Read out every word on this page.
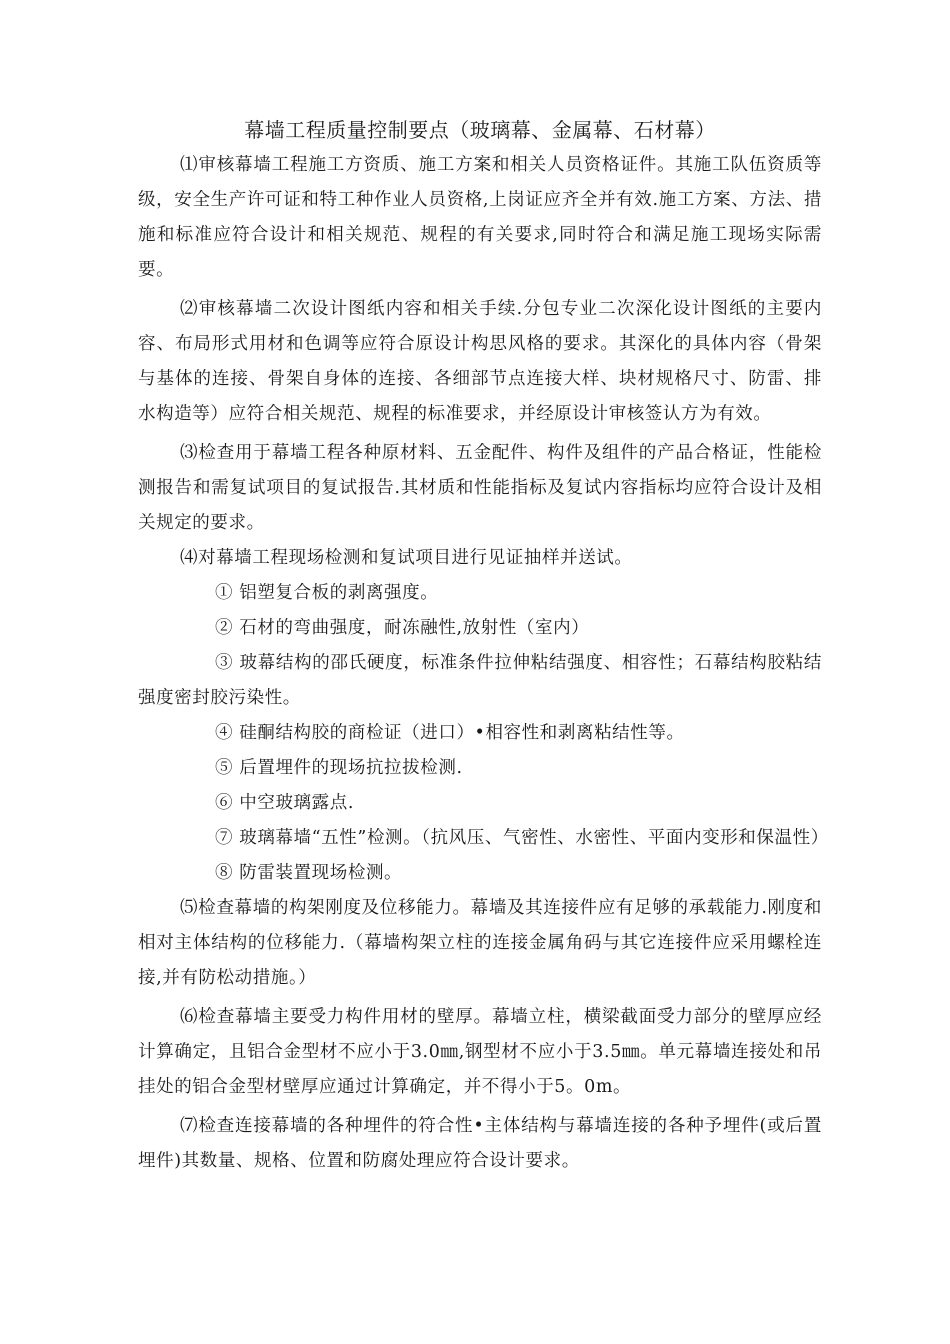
幕墙工程质量控制要点（玻璃幕、金属幕、石材幕）

⑴审核幕墙工程施工方资质、施工方案和相关人员资格证件。其施工队伍资质等级，安全生产许可证和特工种作业人员资格,上岗证应齐全并有效.施工方案、方法、措施和标准应符合设计和相关规范、规程的有关要求,同时符合和满足施工现场实际需要。

⑵审核幕墙二次设计图纸内容和相关手续.分包专业二次深化设计图纸的主要内容、布局形式用材和色调等应符合原设计构思风格的要求。其深化的具体内容（骨架与基体的连接、骨架自身体的连接、各细部节点连接大样、块材规格尺寸、防雷、排水构造等）应符合相关规范、规程的标准要求，并经原设计审核签认方为有效。

⑶检查用于幕墙工程各种原材料、五金配件、构件及组件的产品合格证，性能检测报告和需复试项目的复试报告.其材质和性能指标及复试内容指标均应符合设计及相关规定的要求。

⑷对幕墙工程现场检测和复试项目进行见证抽样并送试。

① 铝塑复合板的剥离强度。

② 石材的弯曲强度，耐冻融性,放射性（室内）

③ 玻幕结构的邵氏硬度，标准条件拉伸粘结强度、相容性；石幕结构胶粘结强度密封胶污染性。

④ 硅酮结构胶的商检证（进口）•相容性和剥离粘结性等。

⑤ 后置埋件的现场抗拉拔检测.

⑥ 中空玻璃露点.

⑦ 玻璃幕墙“五性”检测。（抗风压、气密性、水密性、平面内变形和保温性）

⑧ 防雷装置现场检测。

⑸检查幕墙的构架刚度及位移能力。幕墙及其连接件应有足够的承载能力.刚度和相对主体结构的位移能力.（幕墙构架立柱的连接金属角码与其它连接件应采用螺栓连接,并有防松动措施。）

⑹检查幕墙主要受力构件用材的壁厚。幕墙立柱，横梁截面受力部分的壁厚应经计算确定，且铝合金型材不应小于3.0㎜,钢型材不应小于3.5㎜。单元幕墙连接处和吊挂处的铝合金型材壁厚应通过计算确定，并不得小于5。0m。

⑺检查连接幕墙的各种埋件的符合性•主体结构与幕墙连接的各种予埋件(或后置埋件)其数量、规格、位置和防腐处理应符合设计要求。
